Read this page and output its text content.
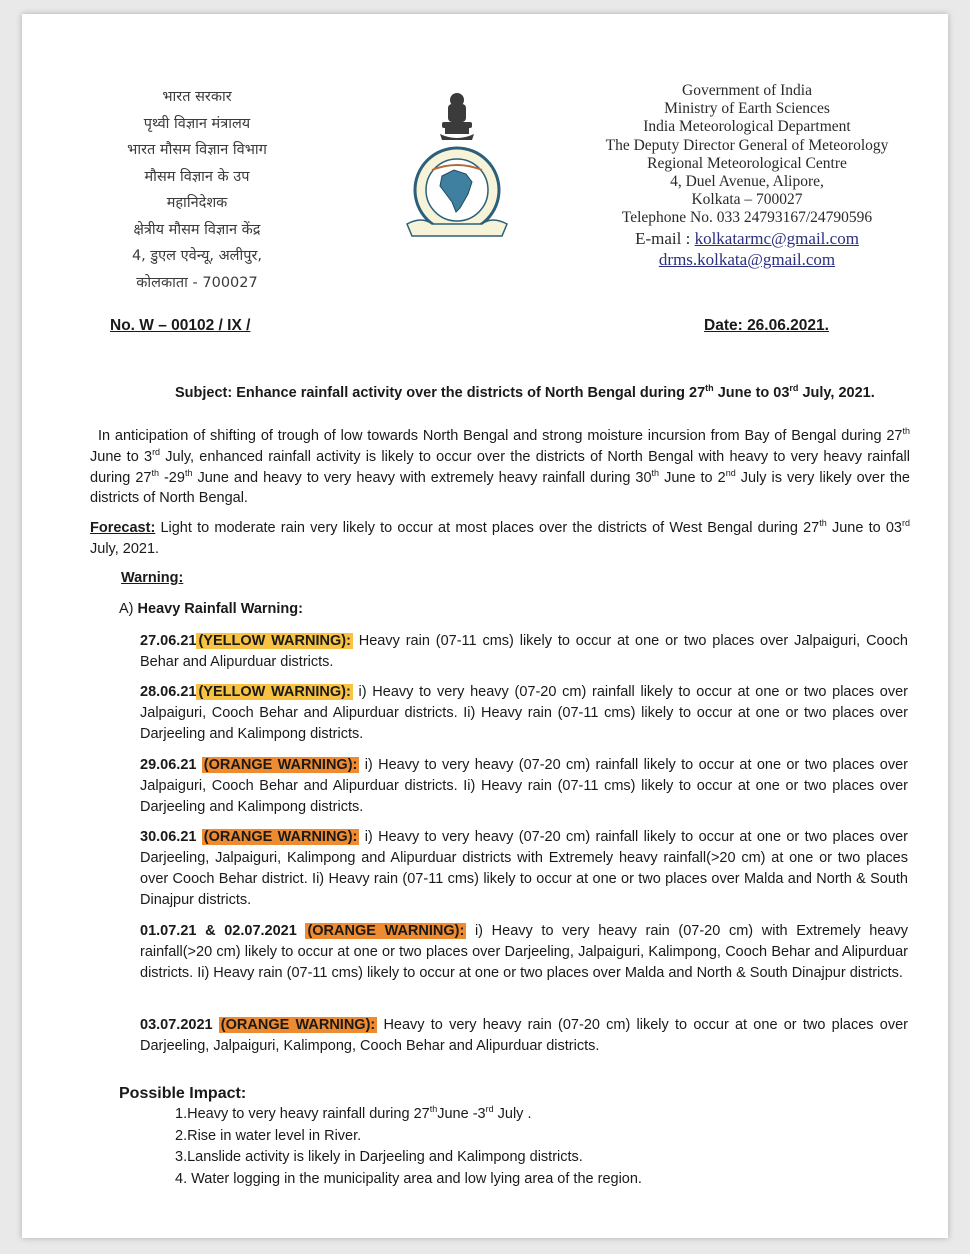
भारत सरकार
पृथ्वी विज्ञान मंत्रालय
भारत मौसम विज्ञान विभाग
मौसम विज्ञान के उप
महानिदेशक
क्षेत्रीय मौसम विज्ञान केंद्र
4, डुएल एवेन्यू, अलीपुर,
कोलकाता - 700027
Government of India
Ministry of Earth Sciences
India Meteorological Department
The Deputy Director General of Meteorology
Regional Meteorological Centre
4, Duel Avenue, Alipore,
Kolkata – 700027
Telephone No. 033 24793167/24790596
E-mail : kolkatarmc@gmail.com
drms.kolkata@gmail.com
No. W – 00102 / IX /	Date: 26.06.2021.
Subject: Enhance rainfall activity over the districts of North Bengal during 27th June to 03rd July, 2021.
In anticipation of shifting of trough of low towards North Bengal and strong moisture incursion from Bay of Bengal during 27th June to 3rd July, enhanced rainfall activity is likely to occur over the districts of North Bengal with heavy to very heavy rainfall during 27th -29th June and heavy to very heavy with extremely heavy rainfall during 30th June to 2nd July is very likely over the districts of North Bengal.
Forecast: Light to moderate rain very likely to occur at most places over the districts of West Bengal during 27th June to 03rd July, 2021.
Warning:
A) Heavy Rainfall Warning:
27.06.21 (YELLOW WARNING): Heavy rain (07-11 cms) likely to occur at one or two places over Jalpaiguri, Cooch Behar and Alipurduar districts.
28.06.21 (YELLOW WARNING): i) Heavy to very heavy (07-20 cm) rainfall likely to occur at one or two places over Jalpaiguri, Cooch Behar and Alipurduar districts. Ii) Heavy rain (07-11 cms) likely to occur at one or two places over Darjeeling and Kalimpong districts.
29.06.21 (ORANGE WARNING): i) Heavy to very heavy (07-20 cm) rainfall likely to occur at one or two places over Jalpaiguri, Cooch Behar and Alipurduar districts. Ii) Heavy rain (07-11 cms) likely to occur at one or two places over Darjeeling and Kalimpong districts.
30.06.21 (ORANGE WARNING): i) Heavy to very heavy (07-20 cm) rainfall likely to occur at one or two places over Darjeeling, Jalpaiguri, Kalimpong and Alipurduar districts with Extremely heavy rainfall(>20 cm) at one or two places over Cooch Behar district. Ii) Heavy rain (07-11 cms) likely to occur at one or two places over Malda and North & South Dinajpur districts.
01.07.21 & 02.07.2021 (ORANGE WARNING): i) Heavy to very heavy rain (07-20 cm) with Extremely heavy rainfall(>20 cm) likely to occur at one or two places over Darjeeling, Jalpaiguri, Kalimpong, Cooch Behar and Alipurduar districts. Ii) Heavy rain (07-11 cms) likely to occur at one or two places over Malda and North & South Dinajpur districts.
03.07.2021 (ORANGE WARNING): Heavy to very heavy rain (07-20 cm) likely to occur at one or two places over Darjeeling, Jalpaiguri, Kalimpong, Cooch Behar and Alipurduar districts.
Possible Impact:
1.Heavy to very heavy rainfall during 27thJune -3rd July .
2.Rise in water level in River.
3.Lanslide activity is likely in Darjeeling and Kalimpong districts.
4. Water logging in the municipality area and low lying area of the region.
